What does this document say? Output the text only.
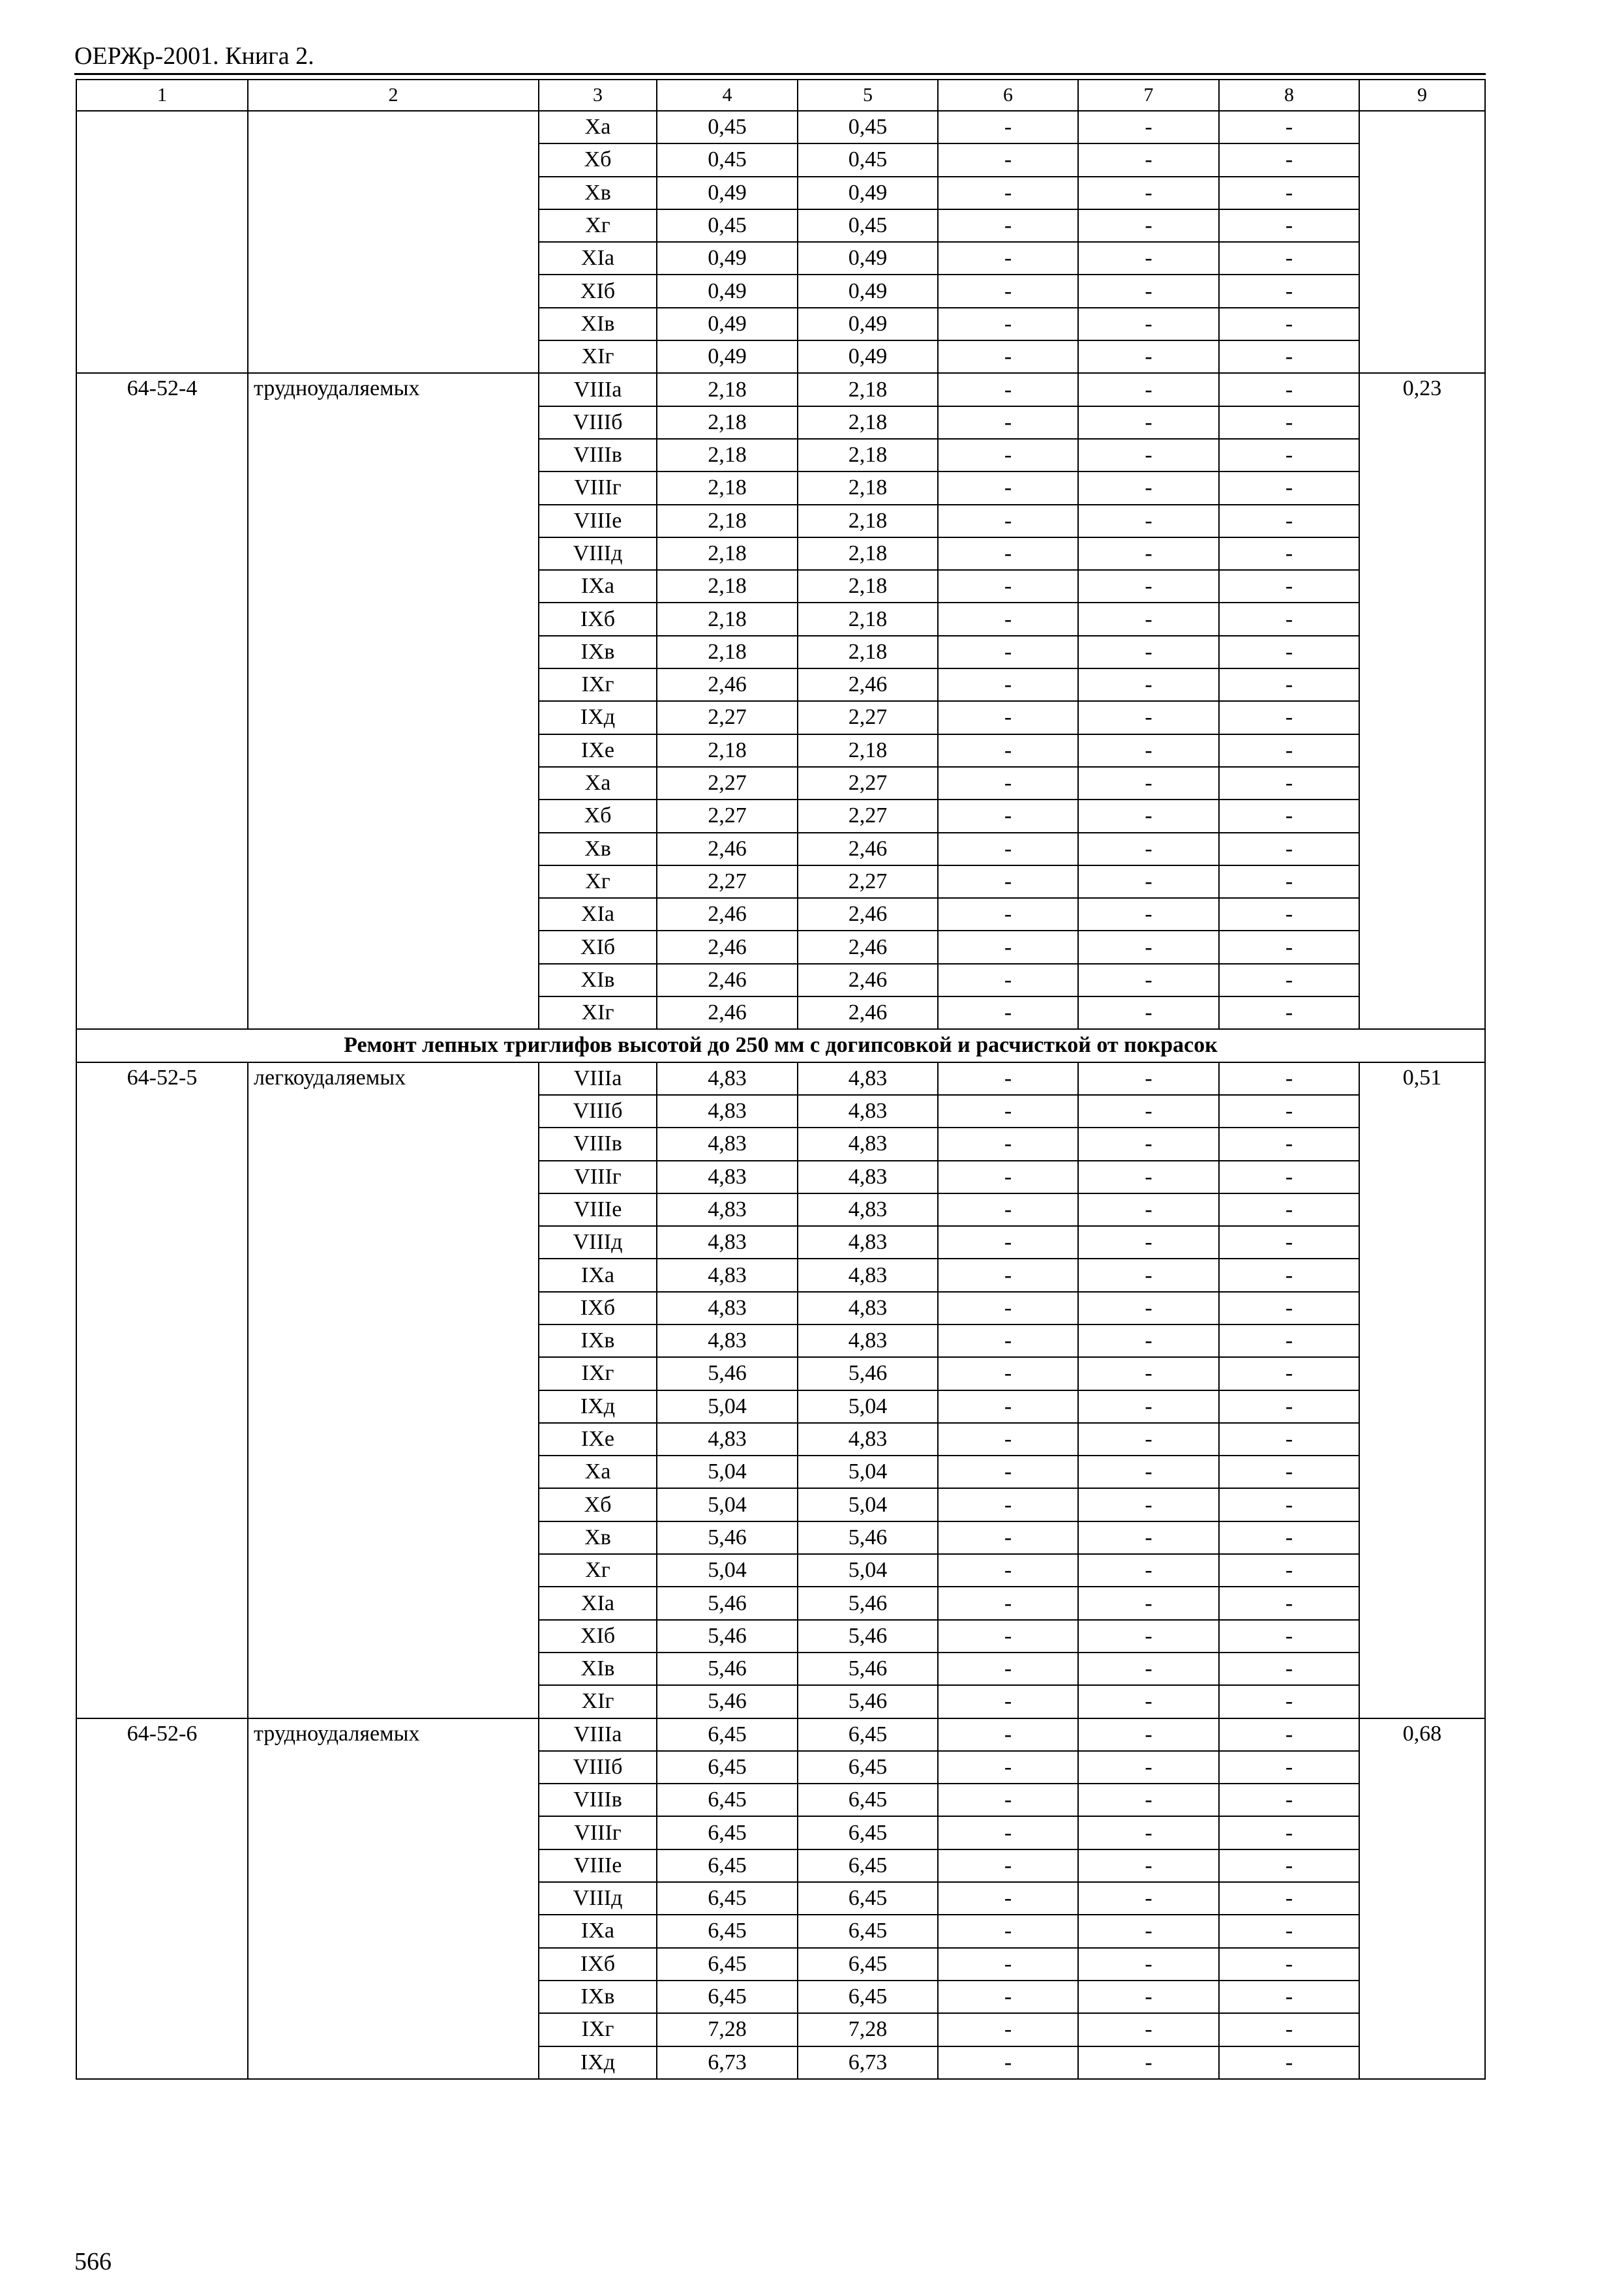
ОЕРЖр-2001. Книга 2.
1	2	3	4	5	6	7	8	9
		Xа	0,45	0,45	-	-	-	
		Xб	0,45	0,45	-	-	-	
		Xв	0,49	0,49	-	-	-	
		Xг	0,45	0,45	-	-	-	
		XIа	0,49	0,49	-	-	-	
		XIб	0,49	0,49	-	-	-	
		XIв	0,49	0,49	-	-	-	
		XIг	0,49	0,49	-	-	-	
64-52-4	трудноудаляемых	VIIIа	2,18	2,18	-	-	-	0,23
		VIIIб	2,18	2,18	-	-	-	
		VIIIв	2,18	2,18	-	-	-	
		VIIIг	2,18	2,18	-	-	-	
		VIIIе	2,18	2,18	-	-	-	
		VIIIд	2,18	2,18	-	-	-	
		IXа	2,18	2,18	-	-	-	
		IXб	2,18	2,18	-	-	-	
		IXв	2,18	2,18	-	-	-	
		IXг	2,46	2,46	-	-	-	
		IXд	2,27	2,27	-	-	-	
		IXе	2,18	2,18	-	-	-	
		Xа	2,27	2,27	-	-	-	
		Xб	2,27	2,27	-	-	-	
		Xв	2,46	2,46	-	-	-	
		Xг	2,27	2,27	-	-	-	
		XIа	2,46	2,46	-	-	-	
		XIб	2,46	2,46	-	-	-	
		XIв	2,46	2,46	-	-	-	
		XIг	2,46	2,46	-	-	-	
Ремонт лепных триглифов высотой до 250 мм с догипсовкой и расчисткой от покрасок								
64-52-5	легкоудаляемых	VIIIа	4,83	4,83	-	-	-	0,51
		VIIIб	4,83	4,83	-	-	-	
		VIIIв	4,83	4,83	-	-	-	
		VIIIг	4,83	4,83	-	-	-	
		VIIIе	4,83	4,83	-	-	-	
		VIIIд	4,83	4,83	-	-	-	
		IXа	4,83	4,83	-	-	-	
		IXб	4,83	4,83	-	-	-	
		IXв	4,83	4,83	-	-	-	
		IXг	5,46	5,46	-	-	-	
		IXд	5,04	5,04	-	-	-	
		IXе	4,83	4,83	-	-	-	
		Xа	5,04	5,04	-	-	-	
		Xб	5,04	5,04	-	-	-	
		Xв	5,46	5,46	-	-	-	
		Xг	5,04	5,04	-	-	-	
		XIа	5,46	5,46	-	-	-	
		XIб	5,46	5,46	-	-	-	
		XIв	5,46	5,46	-	-	-	
		XIг	5,46	5,46	-	-	-	
64-52-6	трудноудаляемых	VIIIа	6,45	6,45	-	-	-	0,68
		VIIIб	6,45	6,45	-	-	-	
		VIIIв	6,45	6,45	-	-	-	
		VIIIг	6,45	6,45	-	-	-	
		VIIIе	6,45	6,45	-	-	-	
		VIIIд	6,45	6,45	-	-	-	
		IXа	6,45	6,45	-	-	-	
		IXб	6,45	6,45	-	-	-	
		IXв	6,45	6,45	-	-	-	
		IXг	7,28	7,28	-	-	-	
		IXд	6,73	6,73	-	-	-	
566
